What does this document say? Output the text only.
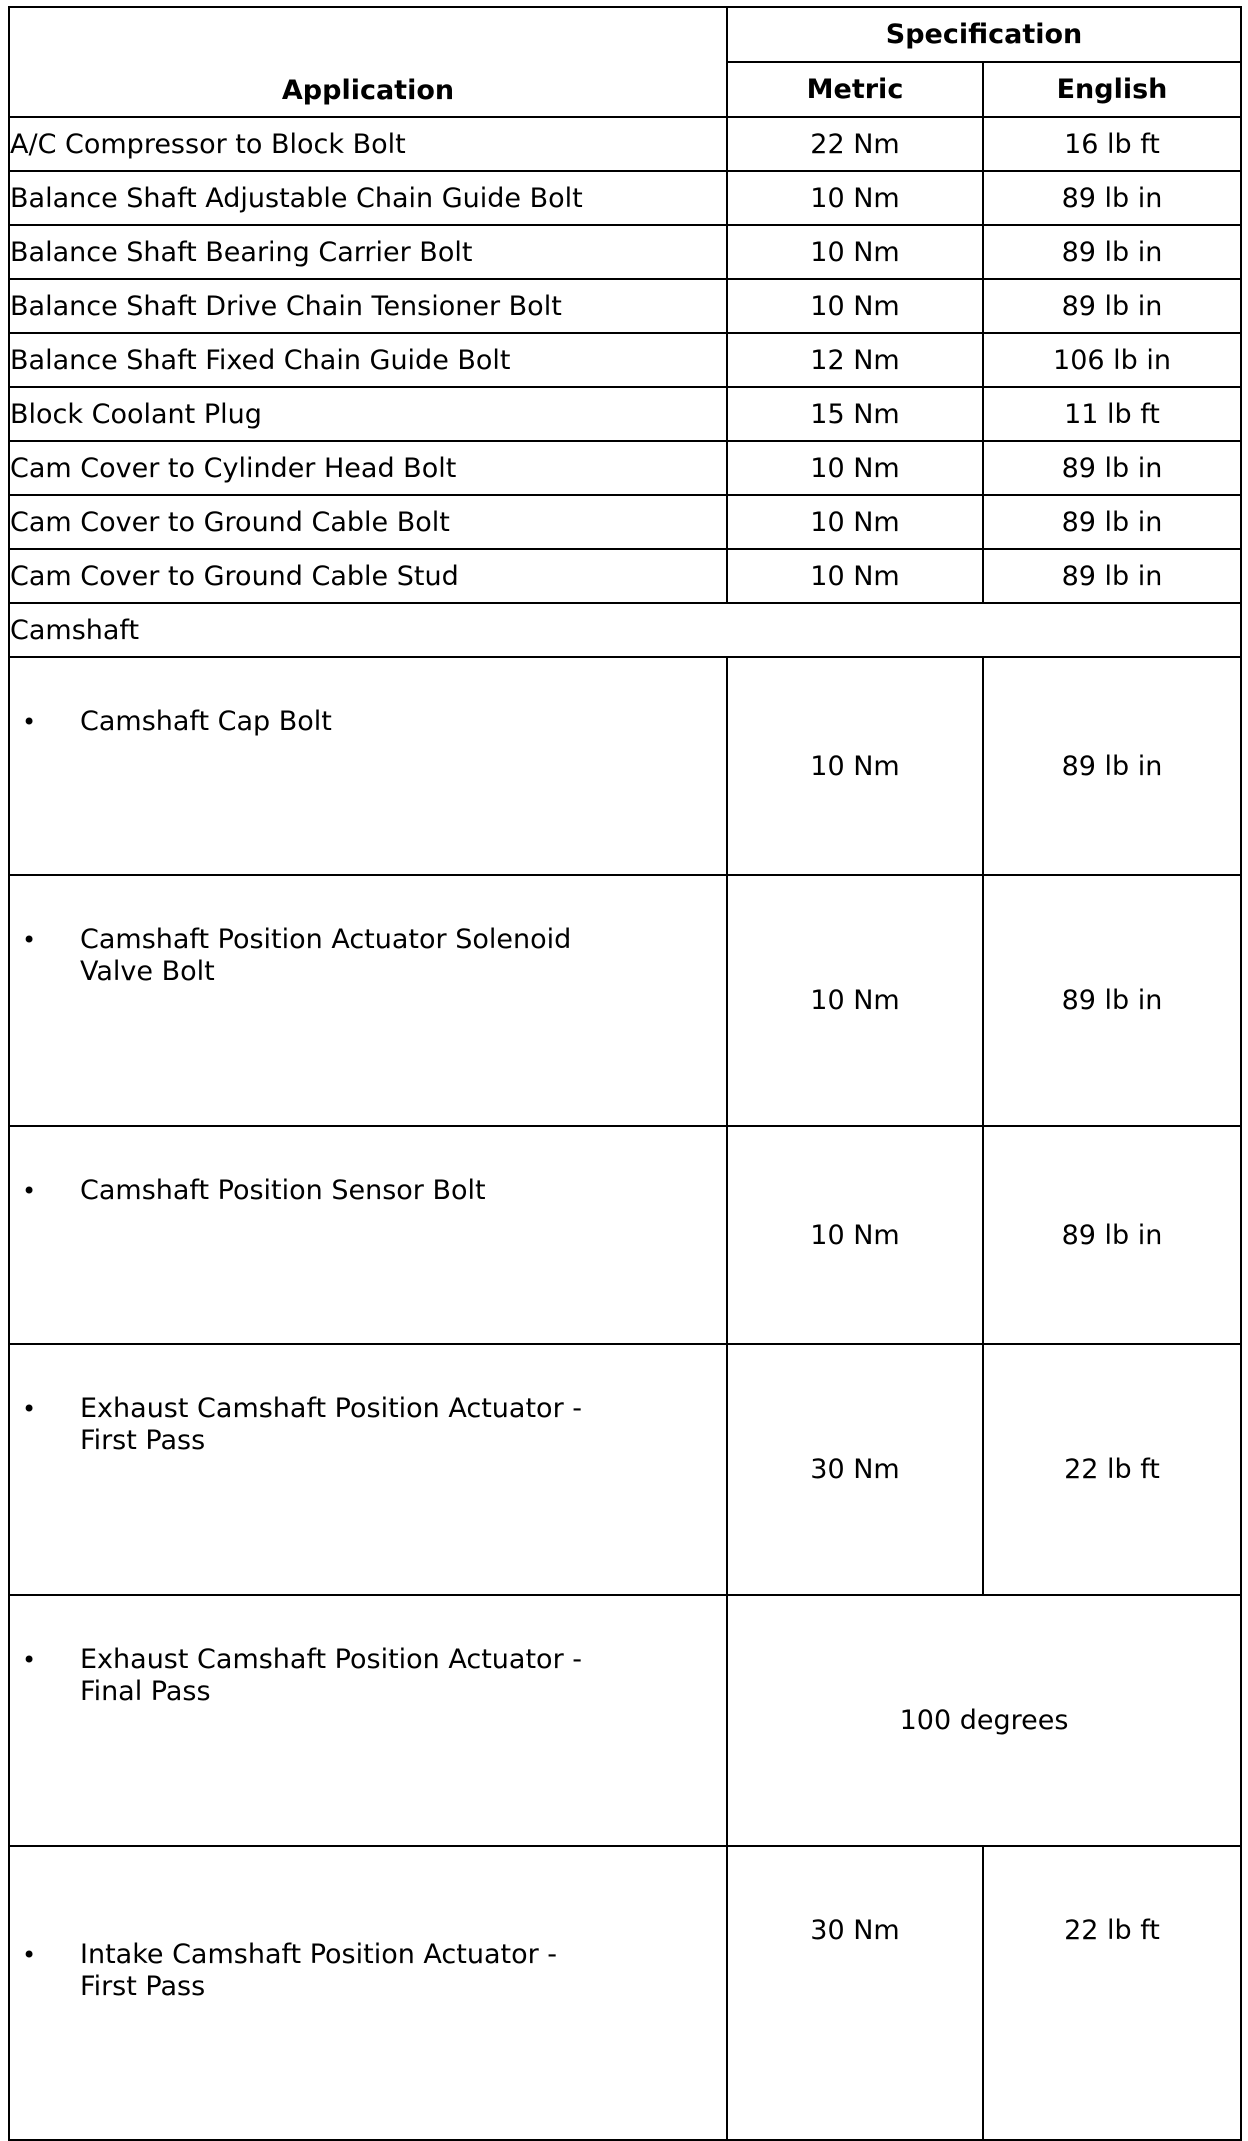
Application	Specification	
	Metric	English
A/C Compressor to Block Bolt	22 Nm	16 lb ft
Balance Shaft Adjustable Chain Guide Bolt	10 Nm	89 lb in
Balance Shaft Bearing Carrier Bolt	10 Nm	89 lb in
Balance Shaft Drive Chain Tensioner Bolt	10 Nm	89 lb in
Balance Shaft Fixed Chain Guide Bolt	12 Nm	106 lb in
Block Coolant Plug	15 Nm	11 lb ft
Cam Cover to Cylinder Head Bolt	10 Nm	89 lb in
Cam Cover to Ground Cable Bolt	10 Nm	89 lb in
Cam Cover to Ground Cable Stud	10 Nm	89 lb in
Camshaft		

• Camshaft Cap Bolt	10 Nm	89 lb in

• Camshaft Position Actuator Solenoid Valve Bolt	10 Nm	89 lb in

• Camshaft Position Sensor Bolt	10 Nm	89 lb in

• Exhaust Camshaft Position Actuator - First Pass	30 Nm	22 lb ft

• Exhaust Camshaft Position Actuator - Final Pass	100 degrees	

• Intake Camshaft Position Actuator - First Pass	30 Nm	22 lb ft
